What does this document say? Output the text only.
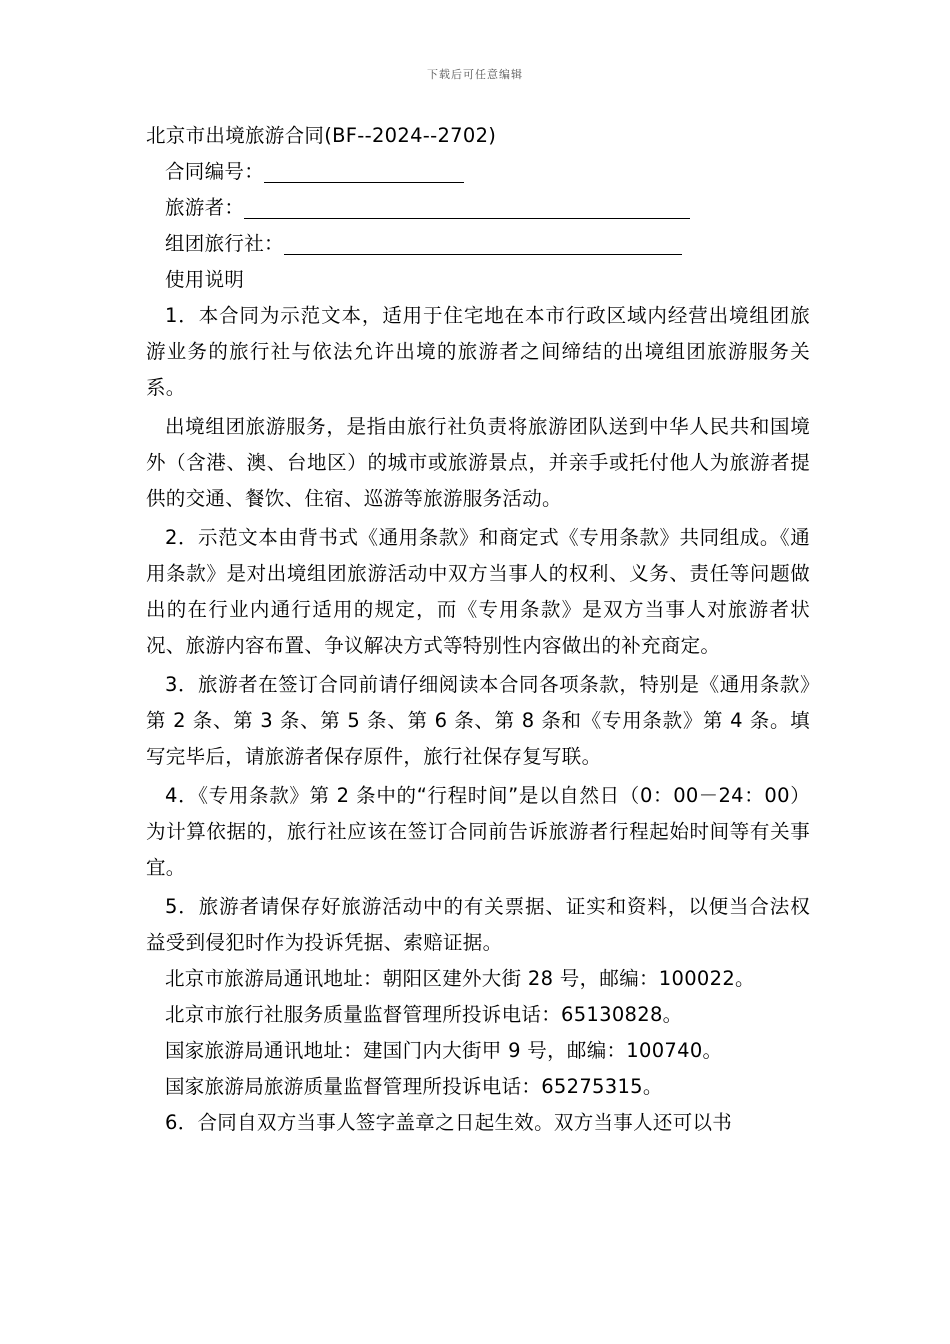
下载后可任意编辑

北京市出境旅游合同(BF--2024--2702)

合同编号：
旅游者：
组团旅行社：

使用说明

1．本合同为示范文本，适用于住宅地在本市行政区域内经营出境组团旅游业务的旅行社与依法允许出境的旅游者之间缔结的出境组团旅游服务关系。

出境组团旅游服务，是指由旅行社负责将旅游团队送到中华人民共和国境外（含港、澳、台地区）的城市或旅游景点，并亲手或托付他人为旅游者提供的交通、餐饮、住宿、巡游等旅游服务活动。

2．示范文本由背书式《通用条款》和商定式《专用条款》共同组成。《通用条款》是对出境组团旅游活动中双方当事人的权利、义务、责任等问题做出的在行业内通行适用的规定，而《专用条款》是双方当事人对旅游者状况、旅游内容布置、争议解决方式等特别性内容做出的补充商定。

3．旅游者在签订合同前请仔细阅读本合同各项条款，特别是《通用条款》第 2 条、第 3 条、第 5 条、第 6 条、第 8 条和《专用条款》第 4 条。填写完毕后，请旅游者保存原件，旅行社保存复写联。

4．《专用条款》第 2 条中的“行程时间”是以自然日（0：00－24：00）为计算依据的，旅行社应该在签订合同前告诉旅游者行程起始时间等有关事宜。

5．旅游者请保存好旅游活动中的有关票据、证实和资料，以便当合法权益受到侵犯时作为投诉凭据、索赔证据。

北京市旅游局通讯地址：朝阳区建外大街 28 号，邮编：100022。

北京市旅行社服务质量监督管理所投诉电话：65130828。

国家旅游局通讯地址：建国门内大街甲 9 号，邮编：100740。

国家旅游局旅游质量监督管理所投诉电话：65275315。

6．合同自双方当事人签字盖章之日起生效。双方当事人还可以书
